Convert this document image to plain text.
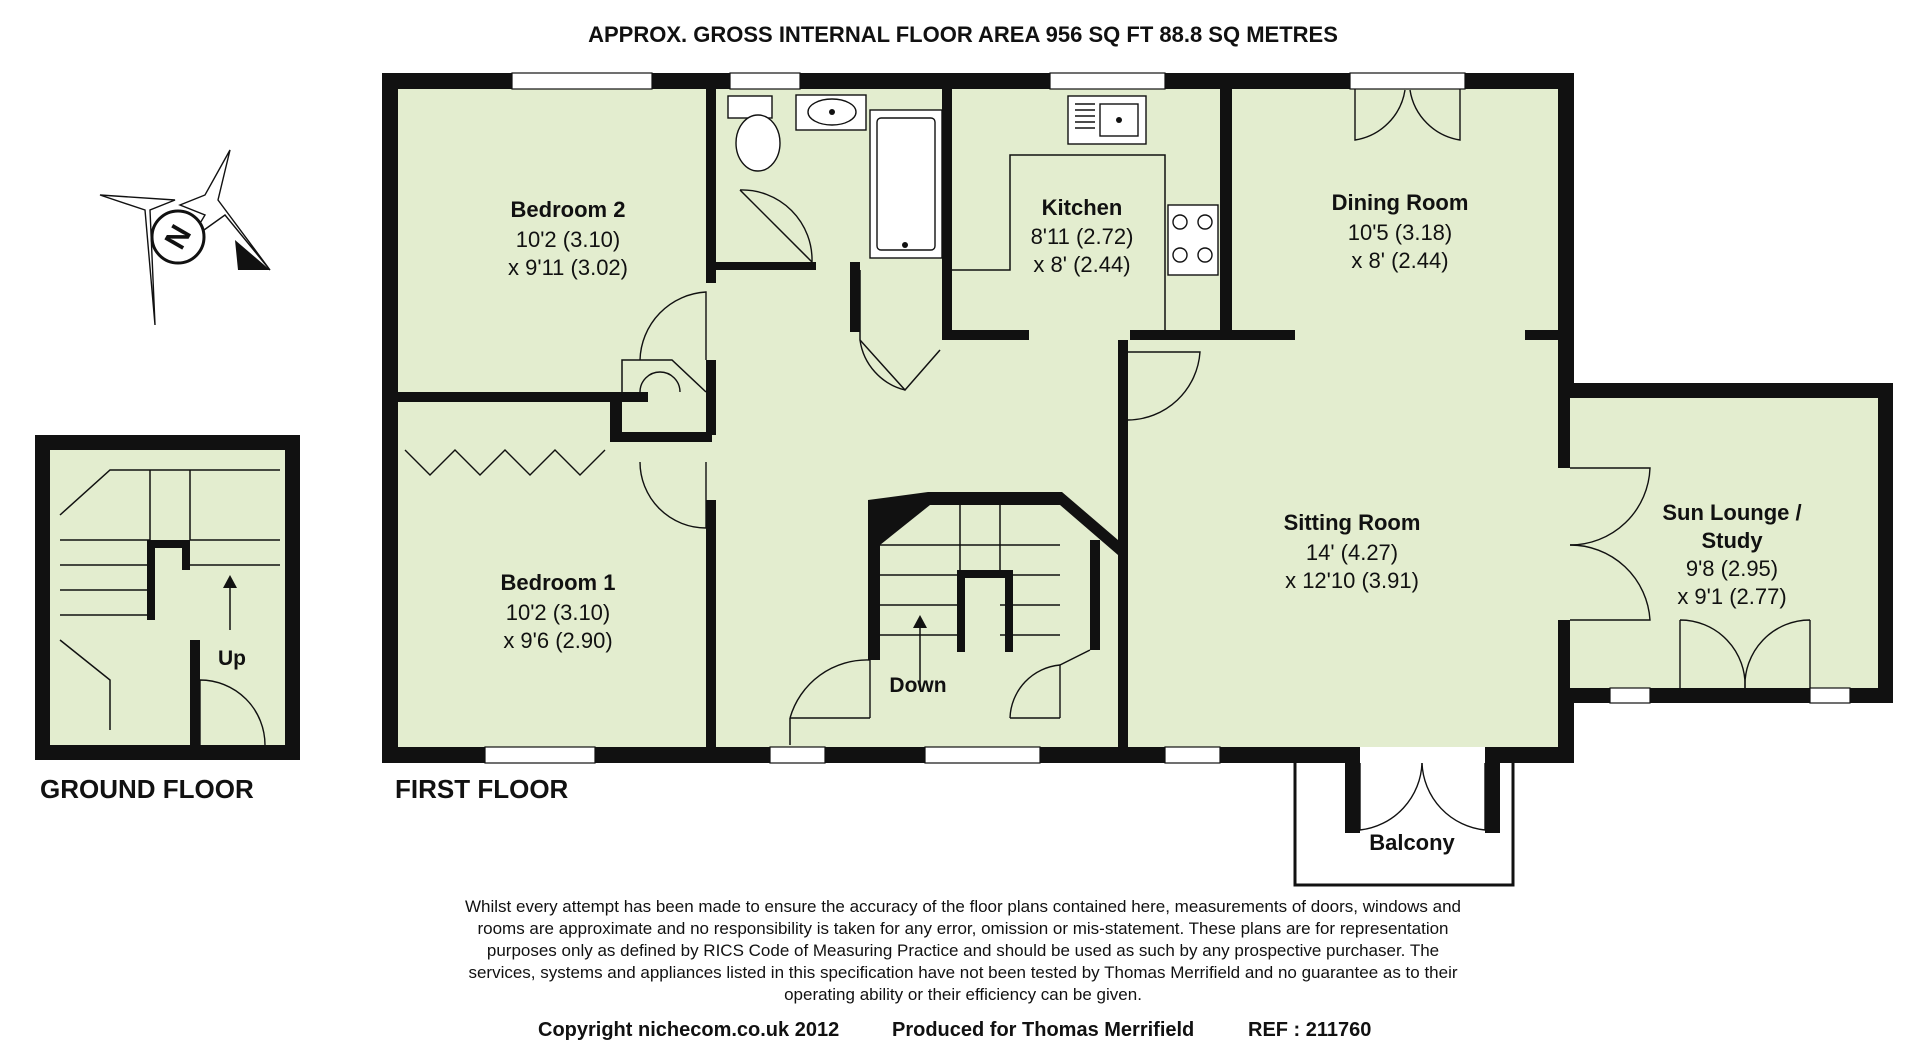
APPROX. GROSS INTERNAL FLOOR AREA 956 SQ FT 88.8 SQ METRES
Up
GROUND FLOOR
N
Down
Bedroom 2
10'2 (3.10)
x 9'11 (3.02)
Bedroom 1
10'2 (3.10)
x 9'6 (2.90)
Kitchen
8'11 (2.72)
x 8' (2.44)
Dining Room
10'5 (3.18)
x 8' (2.44)
Sitting Room
14' (4.27)
x 12'10 (3.91)
Sun Lounge /
Study
9'8 (2.95)
x 9'1 (2.77)
Balcony
FIRST FLOOR
Whilst every attempt has been made to ensure the accuracy of the floor plans contained here, measurements of doors, windows and
rooms are approximate and no responsibility is taken for any error, omission or mis-statement. These plans are for representation
purposes only as defined by RICS Code of Measuring Practice and should be used as such by any prospective purchaser. The
services, systems and appliances listed in this specification have not been tested by Thomas Merrifield and no guarantee as to their
operating ability or their efficiency can be given.
Copyright nichecom.co.uk 2012	Produced for Thomas Merrifield	REF : 211760
